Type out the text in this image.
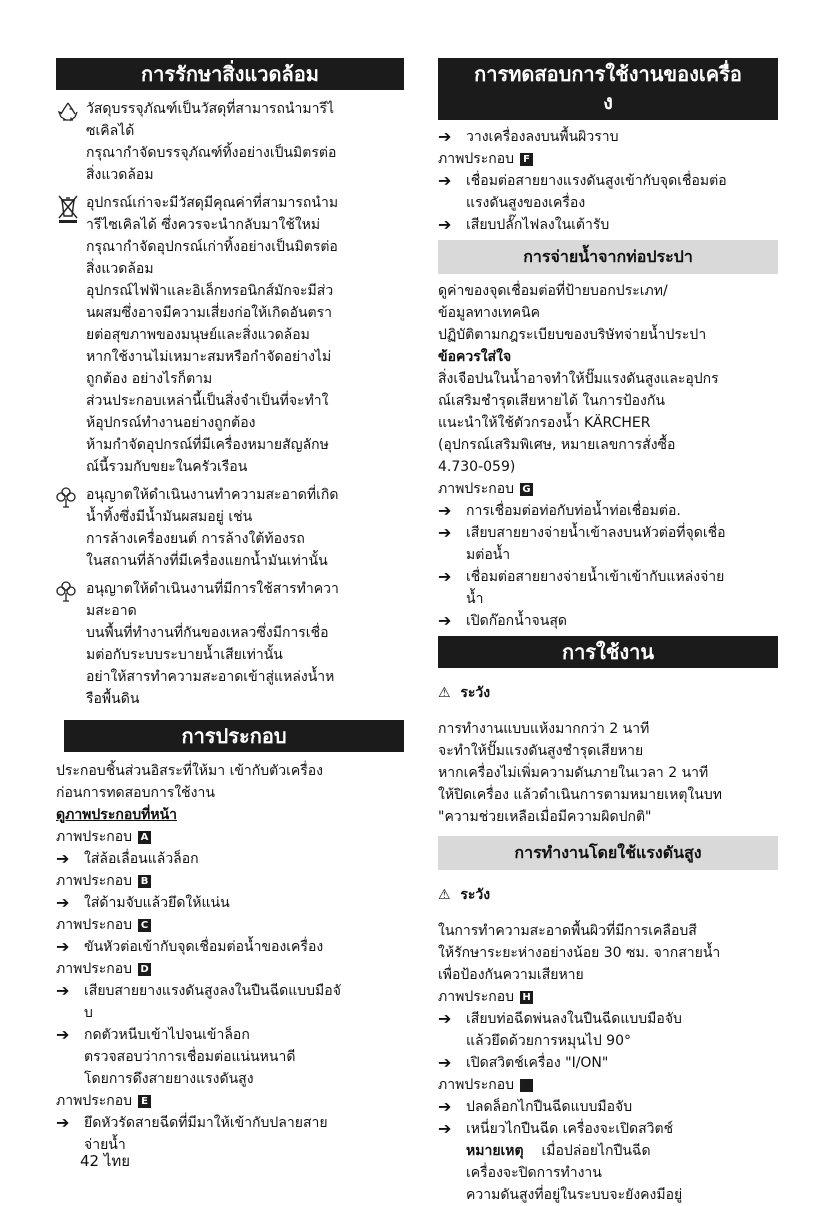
การรักษาสิ่งแวดล้อม

วัสดุบรรจุภัณฑ์เป็นวัสดุที่สามารถนำมารีไ

ซเคิลได้

กรุณากำจัดบรรจุภัณฑ์ทิ้งอย่างเป็นมิตรต่อ

สิ่งแวดล้อม

อุปกรณ์เก่าจะมีวัสดุมีคุณค่าที่สามารถนำม

ารีไซเคิลได้ ซึ่งควรจะนำกลับมาใช้ใหม่

กรุณากำจัดอุปกรณ์เก่าทิ้งอย่างเป็นมิตรต่อ

สิ่งแวดล้อม

อุปกรณ์ไฟฟ้าและอิเล็กทรอนิกส์มักจะมีส่ว

นผสมซึ่งอาจมีความเสี่ยงก่อให้เกิดอันตรา

ยต่อสุขภาพของมนุษย์และสิ่งแวดล้อม

หากใช้งานไม่เหมาะสมหรือกำจัดอย่างไม่

ถูกต้อง อย่างไรก็ตาม

ส่วนประกอบเหล่านี้เป็นสิ่งจำเป็นที่จะทำใ

ห้อุปกรณ์ทำงานอย่างถูกต้อง

ห้ามกำจัดอุปกรณ์ที่มีเครื่องหมายสัญลักษ

ณ์นี้รวมกับขยะในครัวเรือน

อนุญาตให้ดำเนินงานทำความสะอาดที่เกิด

น้ำทิ้งซึ่งมีน้ำมันผสมอยู่ เช่น

การล้างเครื่องยนต์ การล้างใต้ท้องรถ

ในสถานที่ล้างที่มีเครื่องแยกน้ำมันเท่านั้น

อนุญาตให้ดำเนินงานที่มีการใช้สารทำควา

มสะอาด

บนพื้นที่ทำงานที่กันของเหลวซึ่งมีการเชื่อ

มต่อกับระบบระบายน้ำเสียเท่านั้น

อย่าให้สารทำความสะอาดเข้าสู่แหล่งน้ำห

รือพื้นดิน

การประกอบ

ประกอบชิ้นส่วนอิสระที่ให้มา เข้ากับตัวเครื่อง

ก่อนการทดสอบการใช้งาน

ดูภาพประกอบที่หน้า

ภาพประกอบ A

➔	ใส่ล้อเลื่อนแล้วล็อก

ภาพประกอบ B

➔	ใส่ด้ามจับแล้วยึดให้แน่น

ภาพประกอบ C

➔	ขันหัวต่อเข้ากับจุดเชื่อมต่อน้ำของเครื่อง

ภาพประกอบ D

➔	เสียบสายยางแรงดันสูงลงในปืนฉีดแบบมือจั

บ

➔	กดตัวหนีบเข้าไปจนเข้าล็อก

ตรวจสอบว่าการเชื่อมต่อแน่นหนาดี

โดยการดึงสายยางแรงดันสูง

ภาพประกอบ E

➔	ยึดหัวรัดสายฉีดที่มีมาให้เข้ากับปลายสาย

จ่ายน้ำ

การทดสอบการใช้งานของเครื่อ
ง
➔	วางเครื่องลงบนพื้นผิวราบ

ภาพประกอบ F

➔	เชื่อมต่อสายยางแรงดันสูงเข้ากับจุดเชื่อมต่อ

แรงดันสูงของเครื่อง

➔	เสียบปลั๊กไฟลงในเต้ารับ

การจ่ายน้ำจากท่อประปา

ดูค่าของจุดเชื่อมต่อที่ป้ายบอกประเภท/

ข้อมูลทางเทคนิค

ปฏิบัติตามกฎระเบียบของบริษัทจ่ายน้ำประปา

ข้อควรใส่ใจ

สิ่งเจือปนในน้ำอาจทำให้ปั๊มแรงดันสูงและอุปกร

ณ์เสริมชำรุดเสียหายได้ ในการป้องกัน

แนะนำให้ใช้ตัวกรองน้ำ KÄRCHER

(อุปกรณ์เสริมพิเศษ, หมายเลขการสั่งซื้อ

4.730-059)

ภาพประกอบ G

➔	การเชื่อมต่อท่อกับท่อน้ำท่อเชื่อมต่อ.

➔	เสียบสายยางจ่ายน้ำเข้าลงบนหัวต่อที่จุดเชื่อ

มต่อน้ำ

➔	เชื่อมต่อสายยางจ่ายน้ำเข้าเข้ากับแหล่งจ่าย

น้ำ

➔	เปิดก๊อกน้ำจนสุด

การใช้งาน

⚠ ระวัง

การทำงานแบบแห้งมากกว่า 2 นาที

จะทำให้ปั๊มแรงดันสูงชำรุดเสียหาย

หากเครื่องไม่เพิ่มความดันภายในเวลา 2 นาที

ให้ปิดเครื่อง แล้วดำเนินการตามหมายเหตุในบท

"ความช่วยเหลือเมื่อมีความผิดปกติ"

การทำงานโดยใช้แรงดันสูง

⚠ ระวัง

ในการทำความสะอาดพื้นผิวที่มีการเคลือบสี

ให้รักษาระยะห่างอย่างน้อย 30 ซม. จากสายน้ำ

เพื่อป้องกันความเสียหาย

ภาพประกอบ H

➔	เสียบท่อฉีดพ่นลงในปืนฉีดแบบมือจับ

แล้วยึดด้วยการหมุนไป 90°

➔	เปิดสวิตช์เครื่อง "I/ON"

ภาพประกอบ I

➔	ปลดล็อกไกปืนฉีดแบบมือจับ

➔	เหนี่ยวไกปืนฉีด เครื่องจะเปิดสวิตช์

หมายเหตุ เมื่อปล่อยไกปืนฉีด

เครื่องจะปิดการทำงาน

ความดันสูงที่อยู่ในระบบจะยังคงมีอยู่

42 ไทย
